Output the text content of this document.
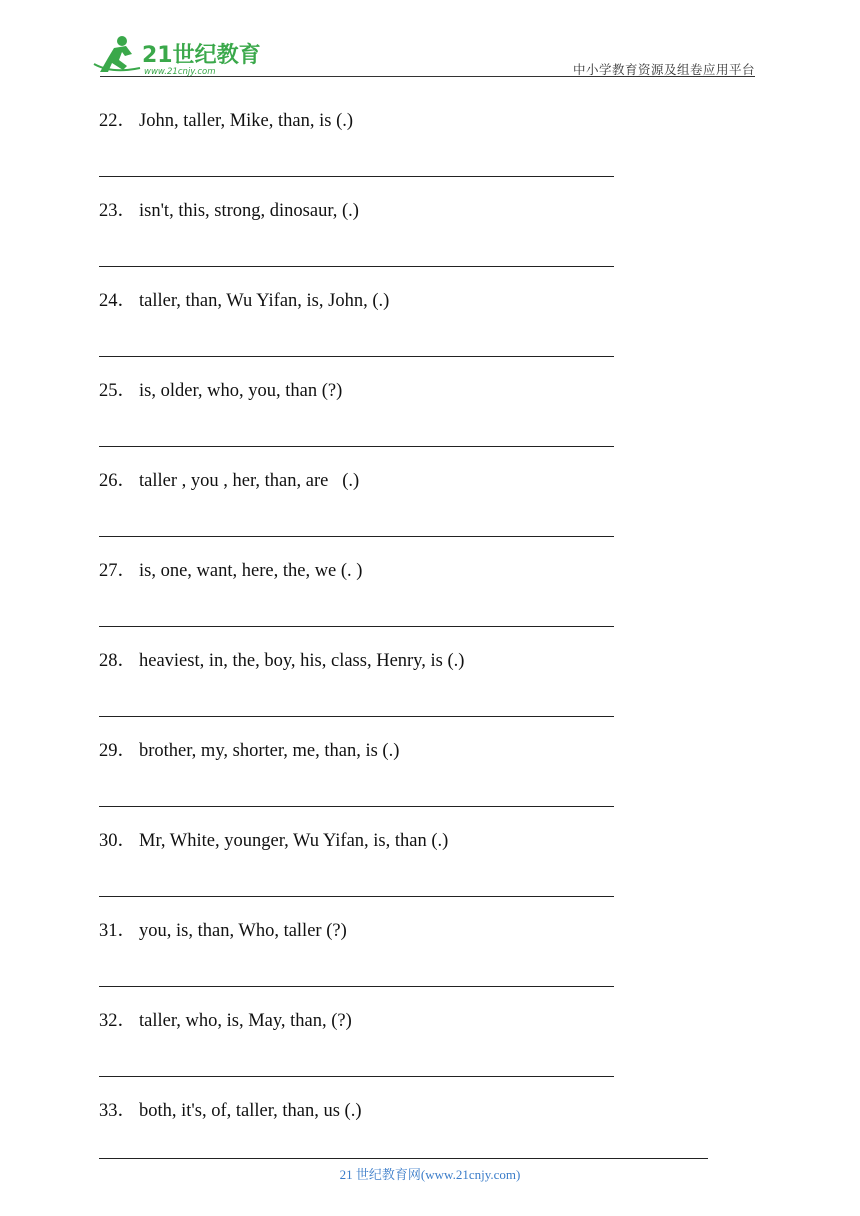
21世纪教育
www.21cnjy.com	中小学教育资源及组卷应用平台
22． John, taller, Mike, than, is (.)
23． isn't, this, strong, dinosaur, (.)
24． taller, than, Wu Yifan, is, John, (.)
25． is, older, who, you, than (?)
26． taller , you , her, than, are   (.)
27． is, one, want, here, the, we (. )
28． heaviest, in, the, boy, his, class, Henry, is (.)
29． brother, my, shorter, me, than, is (.)
30． Mr, White, younger, Wu Yifan, is, than (.)
31． you, is, than, Who, taller (?)
32． taller, who, is, May, than, (?)
33． both, it's, of, taller, than, us (.)
21 世纪教育网(www.21cnjy.com)
